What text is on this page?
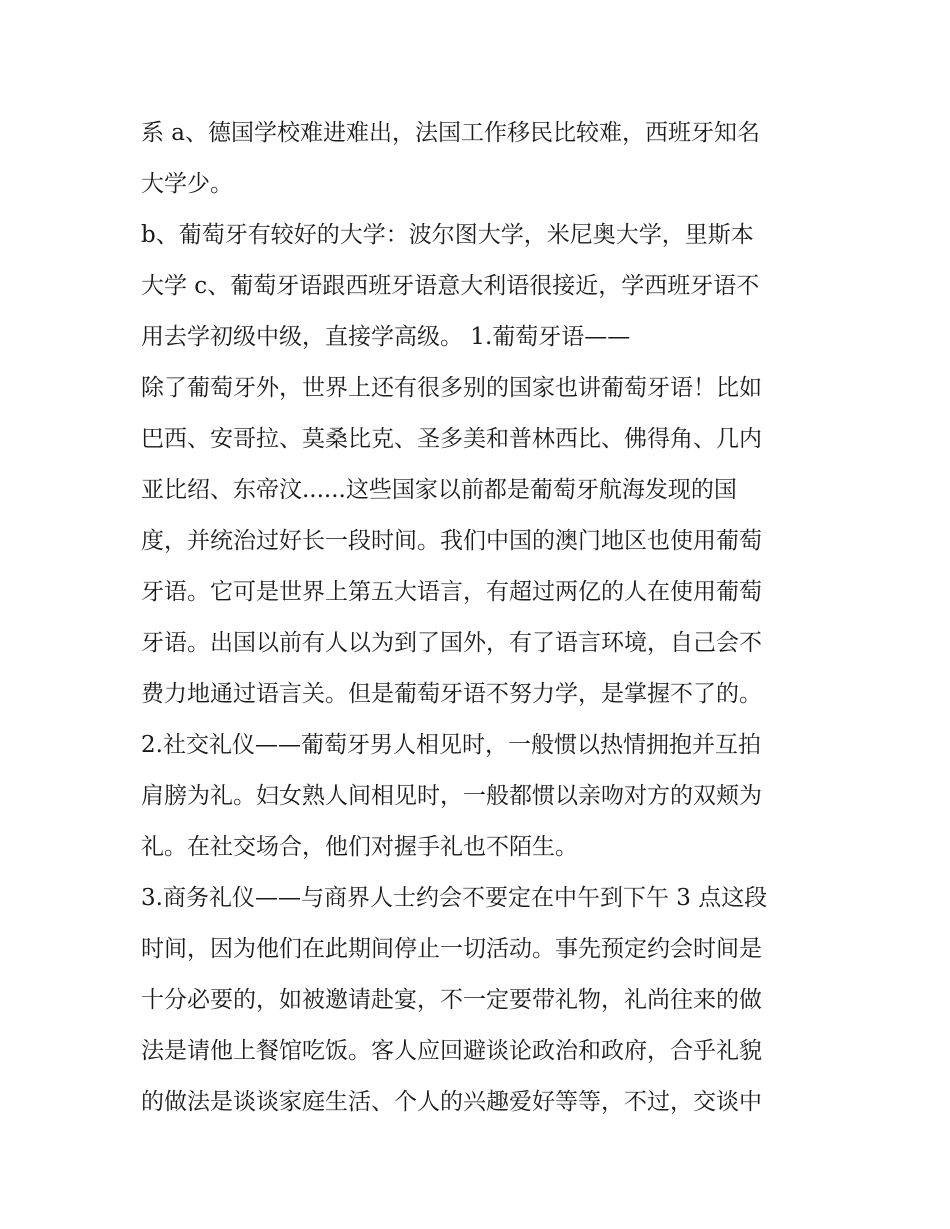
系 a、德国学校难进难出，法国工作移民比较难，西班牙知名
大学少。
b、葡萄牙有较好的大学：波尔图大学，米尼奥大学，里斯本
大学 c、葡萄牙语跟西班牙语意大利语很接近，学西班牙语不
用去学初级中级，直接学高级。 1.葡萄牙语——
除了葡萄牙外，世界上还有很多别的国家也讲葡萄牙语！比如
巴西、安哥拉、莫桑比克、圣多美和普林西比、佛得角、几内
亚比绍、东帝汶......这些国家以前都是葡萄牙航海发现的国
度，并统治过好长一段时间。我们中国的澳门地区也使用葡萄
牙语。它可是世界上第五大语言，有超过两亿的人在使用葡萄
牙语。出国以前有人以为到了国外，有了语言环境，自己会不
费力地通过语言关。但是葡萄牙语不努力学，是掌握不了的。
2.社交礼仪——葡萄牙男人相见时，一般惯以热情拥抱并互拍
肩膀为礼。妇女熟人间相见时，一般都惯以亲吻对方的双颊为
礼。在社交场合，他们对握手礼也不陌生。
3.商务礼仪——与商界人士约会不要定在中午到下午 3 点这段
时间，因为他们在此期间停止一切活动。事先预定约会时间是
十分必要的，如被邀请赴宴，不一定要带礼物，礼尚往来的做
法是请他上餐馆吃饭。客人应回避谈论政治和政府，合乎礼貌
的做法是谈谈家庭生活、个人的兴趣爱好等等，不过，交谈中
